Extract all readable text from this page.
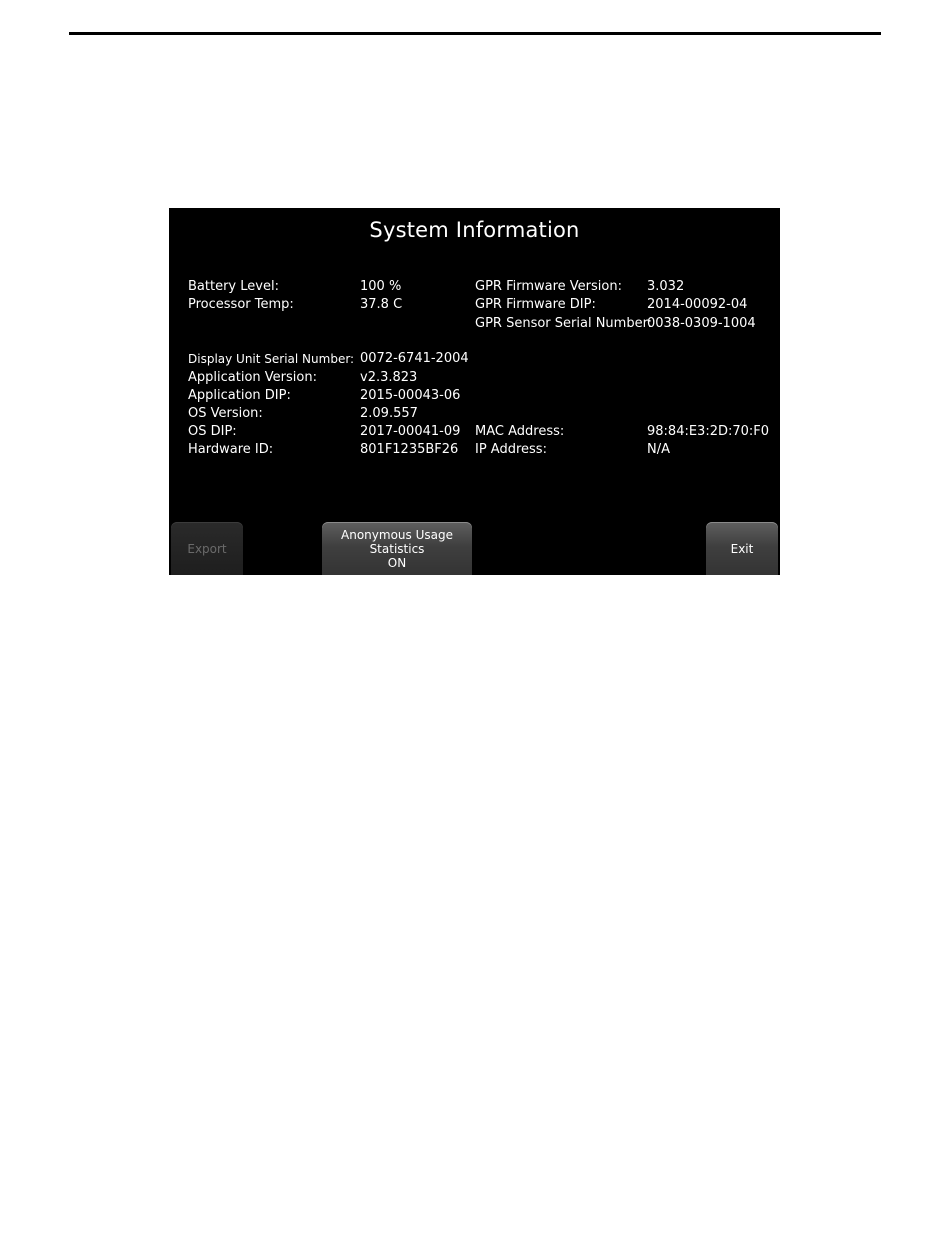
System Information
Battery Level:	100 %
Processor Temp:	37.8 C
Display Unit Serial Number: 0072-6741-2004
Application Version:	v2.3.823
Application DIP:	2015-00043-06
OS Version:	2.09.557
OS DIP:	2017-00041-09
Hardware ID:	801F1235BF26
GPR Firmware Version: 3.032
GPR Firmware DIP:	2014-00092-04
GPR Sensor Serial Number:
0038-0309-1004
MAC Address:	98:84:E3:2D:70:F0
IP Address:	N/A
Export
Anonymous Usage
Statistics
ON
Exit
